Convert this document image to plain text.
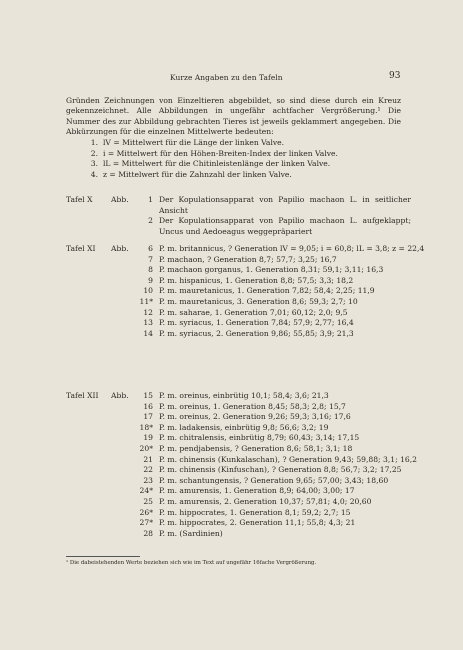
Kurze Angaben zu den Tafeln	93

Gründen Zeichnungen von Einzeltieren abgebildet, so sind diese durch ein Kreuz gekennzeichnet. Alle Abbildungen in ungefähr achtfacher Vergrößerung.¹ Die Nummer des zur Abbildung gebrachten Tieres ist jeweils geklammert angegeben. Die Abkürzungen für die einzelnen Mittelwerte bedeuten:

1. lV = Mittelwert für die Länge der linken Valve.
2. i = Mittelwert für den Höhen-Breiten-Index der linken Valve.
3. lL = Mittelwert für die Chitinleistenlänge der linken Valve.
4. z = Mittelwert für die Zahnzahl der linken Valve.
Tafel X	Abb.	1 Der Kopulationsapparat von Papilio machaon L. in seitlicher Ansicht
2 Der Kopulationsapparat von Papilio machaon L. aufgeklappt; Uncus und Aedoeagus weggepräpariert
Tafel XI	Abb.	6 P. m. britannicus, ? Generation lV = 9,05; i = 60,8; lL = 3,8; z = 22,4
7 P. machaon, ? Generation 8,7; 57,7; 3,25; 16,7
8 P. machaon gorganus, 1. Generation 8,31; 59,1; 3,11; 16,3
9 P. m. hispanicus, 1. Generation 8,8; 57,5; 3,3; 18,2
10 P. m. mauretanicus, 1. Generation 7,82; 58,4; 2,25; 11,9
11* P. m. mauretanicus, 3. Generation 8,6; 59,3; 2,7; 10
12 P. m. saharae, 1. Generation 7,01; 60,12; 2,0; 9,5
13 P. m. syriacus, 1. Generation 7,84; 57,9; 2,77; 16,4
14 P. m. syriacus, 2. Generation 9,86; 55,85; 3,9; 21,3
Tafel XII	Abb.	15 P. m. oreinus, einbrütig 10,1; 58,4; 3,6; 21,3
16 P. m. oreinus, 1. Generation 8,45; 58,3; 2,8; 15,7
17 P. m. oreinus, 2. Generation 9,26; 59,3; 3,16; 17,6
18* P. m. ladakensis, einbrütig 9,8; 56,6; 3,2; 19
19 P. m. chitralensis, einbrütig 8,79; 60,43; 3,14; 17,15
20* P. m. pendjabensis, ? Generation 8,6; 58,1; 3,1; 18
21 P. m. chinensis (Kunkalaschan), ? Generation 9,43; 59,88; 3,1; 16,2
22 P. m. chinensis (Kinfuschan), ? Generation 8,8; 56,7; 3,2; 17,25
23 P. m. schantungensis, ? Generation 9,65; 57,00; 3,43; 18,60
24* P. m. amurensis, 1. Generation 8,9; 64,00; 3,00; 17
25 P. m. amurensis, 2. Generation 10,37; 57,81; 4,0; 20,60
26* P. m. hippocrates, 1. Generation 8,1; 59,2; 2,7; 15
27* P. m. hippocrates, 2. Generation 11,1; 55,8; 4,3; 21
28 P. m. (Sardinien)
¹ Die dabeistehenden Werte beziehen sich wie im Text auf ungefähr 16fache Vergrößerung.
